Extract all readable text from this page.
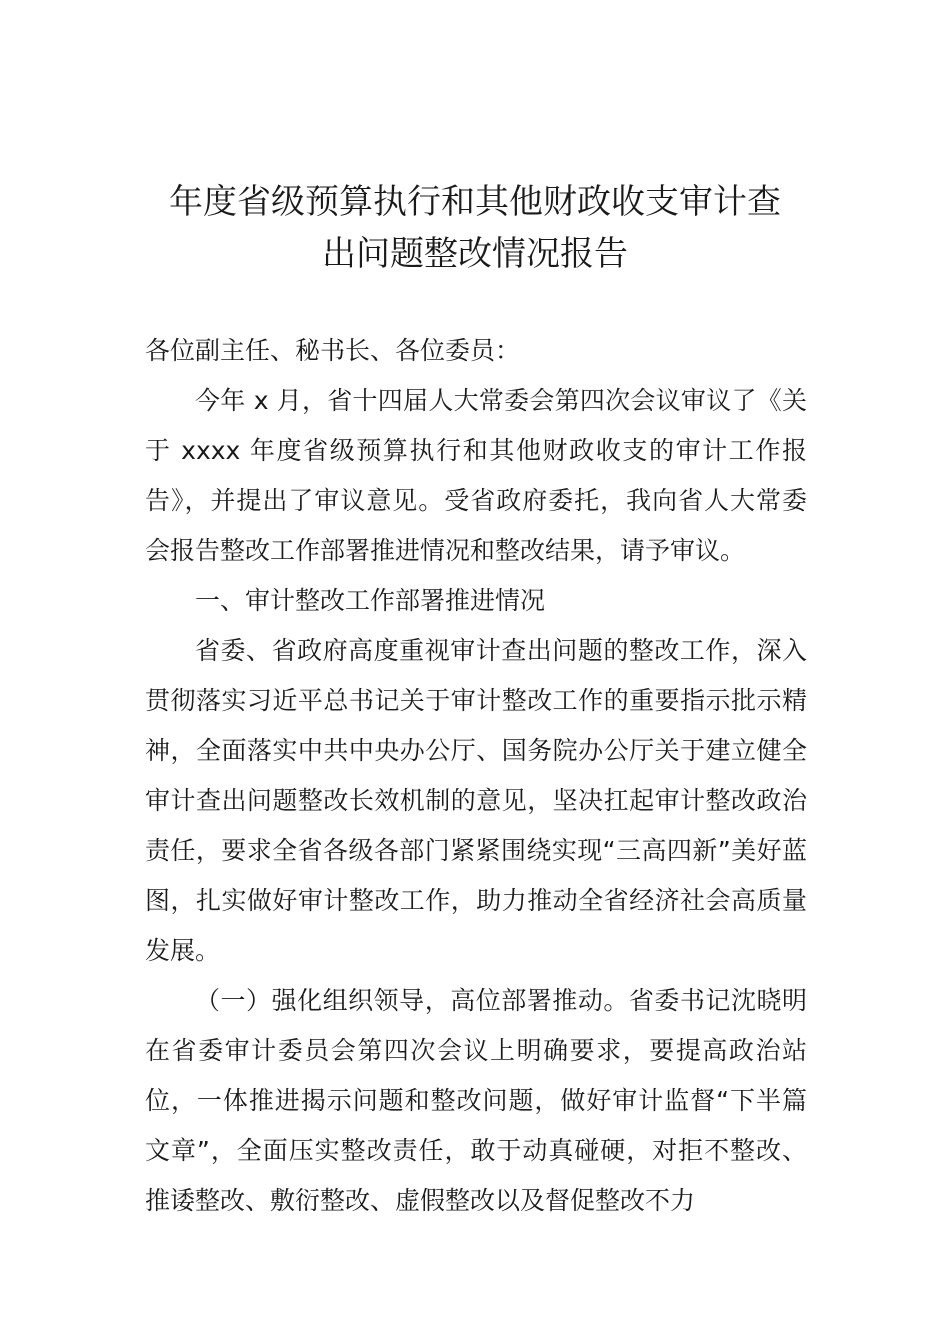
年度省级预算执行和其他财政收支审计查
出问题整改情况报告

各位副主任、秘书长、各位委员：

今年 x 月，省十四届人大常委会第四次会议审议了《关于 xxxx 年度省级预算执行和其他财政收支的审计工作报告》，并提出了审议意见。受省政府委托，我向省人大常委会报告整改工作部署推进情况和整改结果，请予审议。

一、审计整改工作部署推进情况

省委、省政府高度重视审计查出问题的整改工作，深入贯彻落实习近平总书记关于审计整改工作的重要指示批示精神，全面落实中共中央办公厅、国务院办公厅关于建立健全审计查出问题整改长效机制的意见，坚决扛起审计整改政治责任，要求全省各级各部门紧紧围绕实现“三高四新”美好蓝图，扎实做好审计整改工作，助力推动全省经济社会高质量发展。

（一）强化组织领导，高位部署推动。省委书记沈晓明在省委审计委员会第四次会议上明确要求，要提高政治站位，一体推进揭示问题和整改问题，做好审计监督“下半篇文章”，全面压实整改责任，敢于动真碰硬，对拒不整改、推诿整改、敷衍整改、虚假整改以及督促整改不力
